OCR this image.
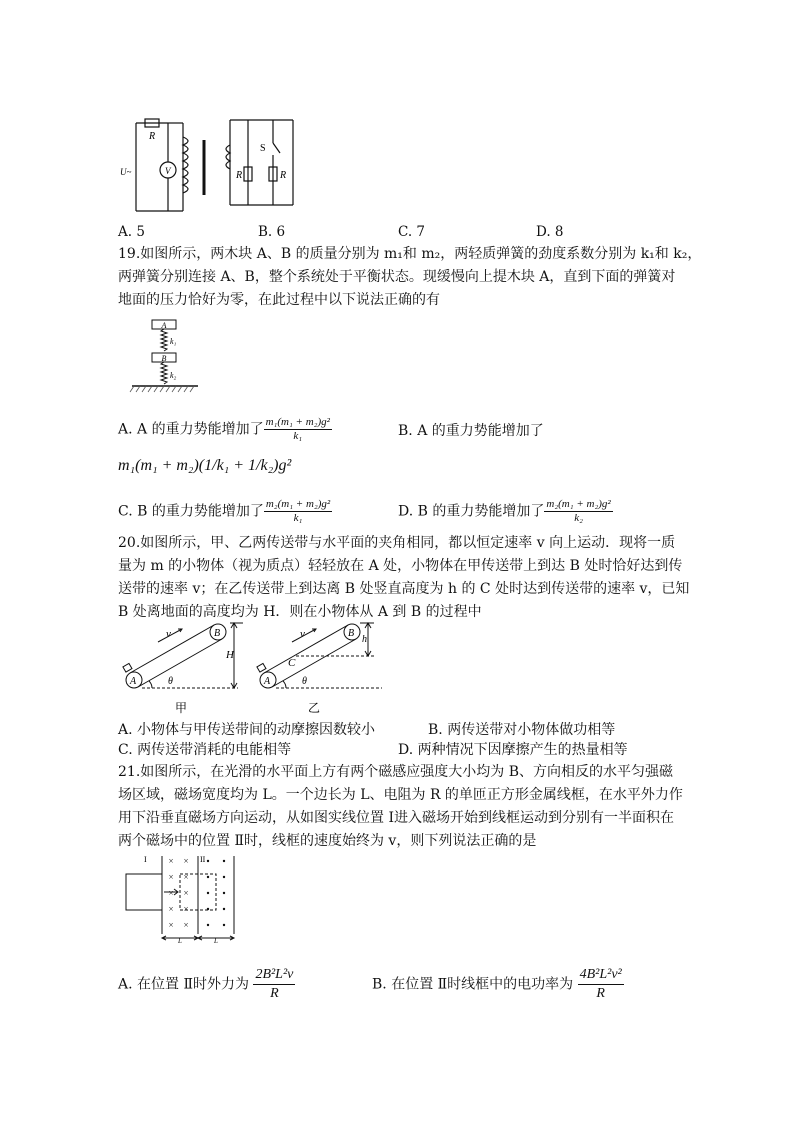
R
U~	V
S
R	R
A. 5	B. 6	C. 7	D. 8
19.如图所示，两木块 A、B 的质量分别为 m₁和 m₂，两轻质弹簧的劲度系数分别为 k₁和 k₂，
两弹簧分别连接 A、B，整个系统处于平衡状态。现缓慢向上提木块 A，直到下面的弹簧对
地面的压力恰好为零，在此过程中以下说法正确的有
A
k₁
B
k₂
A. A 的重力势能增加了 $\frac{\text{m₁(m₁ + m₂)g²}}{\text{k₁}}$	B. A 的重力势能增加了
m₁(m₁ + m₂)(1/k₁ + 1/k₂)g²
C. B 的重力势能增加了 $\frac{\text{m₂(m₁ + m₂)g²}}{\text{k₁}}$	D. B 的重力势能增加了 $\frac{\text{m₂(m₁ + m₂)g²}}{\text{k₂}}$
20.如图所示，甲、乙两传送带与水平面的夹角相同，都以恒定速率 v 向上运动．现将一质
量为 m 的小物体（视为质点）轻轻放在 A 处，小物体在甲传送带上到达 B 处时恰好达到传
送带的速率 v；在乙传送带上到达离 B 处竖直高度为 h 的 C 处时达到传送带的速率 v，已知
B 处离地面的高度均为 H．则在小物体从 A 到 B 的过程中
v	B
A
H
θ
甲
v	B
A
C
h
θ
乙
A. 小物体与甲传送带间的动摩擦因数较小	B. 两传送带对小物体做功相等
C. 两传送带消耗的电能相等	D. 两种情况下因摩擦产生的热量相等
21.如图所示，在光滑的水平面上方有两个磁感应强度大小均为 B、方向相反的水平匀强磁
场区域，磁场宽度均为 L。一个边长为 L、电阻为 R 的单匝正方形金属线框，在水平外力作
用下沿垂直磁场方向运动，从如图实线位置 Ⅰ进入磁场开始到线框运动到分别有一半面积在
两个磁场中的位置 Ⅱ时，线框的速度始终为 v，则下列说法正确的是
× ×
× ×
× ×
× ×
× ×
I	II
L	L
A. 在位置 Ⅱ时外力为 $\frac{\text{2B²L²v}}{R}$	B. 在位置 Ⅱ时线框中的电功率为 $\frac{\text{4B²L²v²}}{R}$
